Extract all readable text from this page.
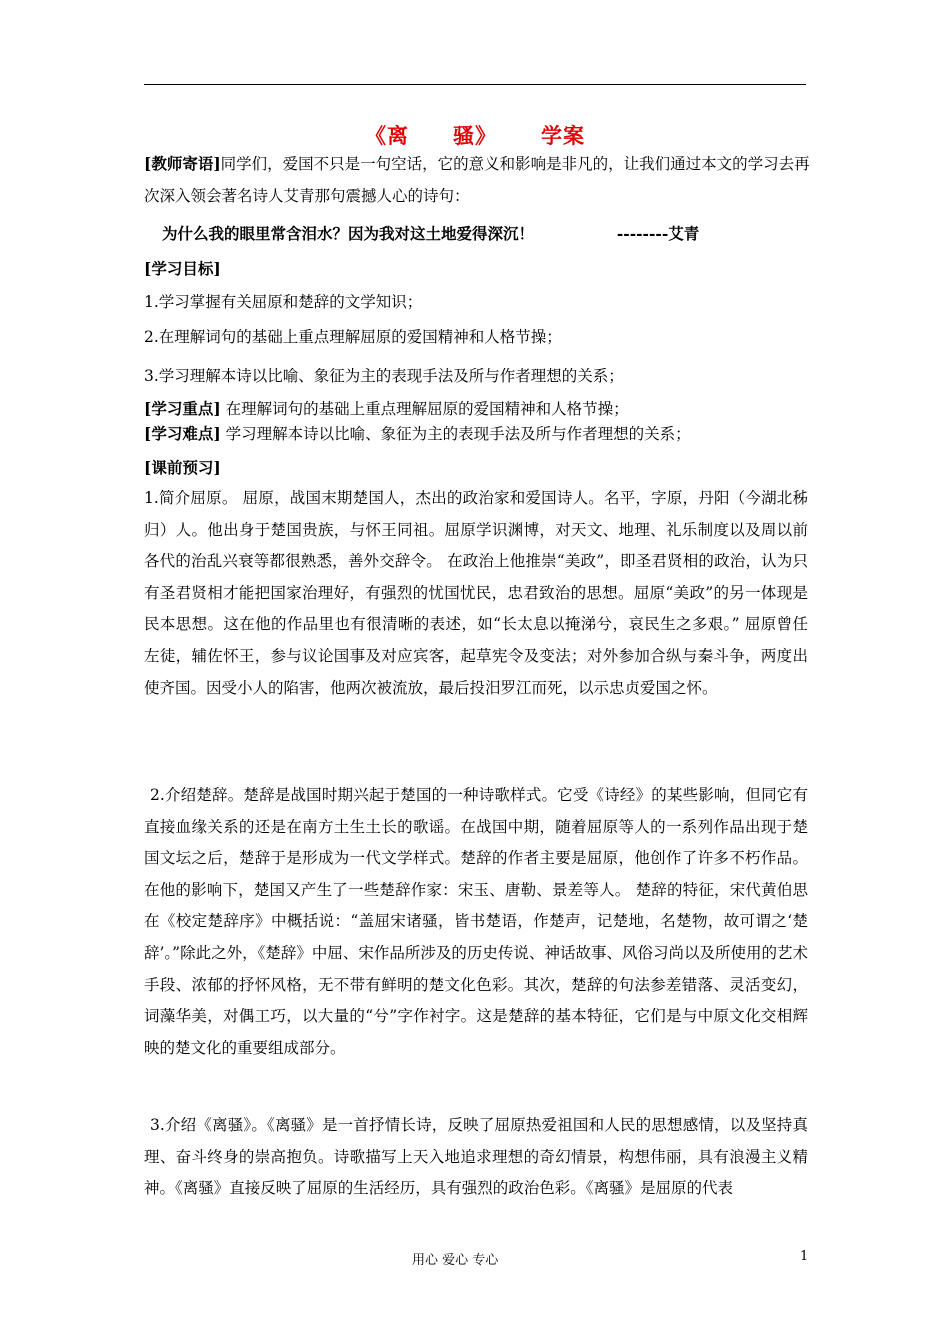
《离 骚》 学案
[教师寄语]同学们，爱国不只是一句空话，它的意义和影响是非凡的，让我们通过本文的学习去再次深入领会著名诗人艾青那句震撼人心的诗句：
为什么我的眼里常含泪水？因为我对这土地爱得深沉！	--------艾青
[学习目标]
1.学习掌握有关屈原和楚辞的文学知识；
2.在理解词句的基础上重点理解屈原的爱国精神和人格节操；
3.学习理解本诗以比喻、象征为主的表现手法及所与作者理想的关系；
[学习重点] 在理解词句的基础上重点理解屈原的爱国精神和人格节操；
[学习难点] 学习理解本诗以比喻、象征为主的表现手法及所与作者理想的关系；
[课前预习]
1.简介屈原。 屈原，战国末期楚国人，杰出的政治家和爱国诗人。名平，字原，丹阳（今湖北秭归）人。他出身于楚国贵族，与怀王同祖。屈原学识渊博，对天文、地理、礼乐制度以及周以前各代的治乱兴衰等都很熟悉，善外交辞令。 在政治上他推崇“美政”，即圣君贤相的政治，认为只有圣君贤相才能把国家治理好，有强烈的忧国忧民，忠君致治的思想。屈原“美政”的另一体现是民本思想。这在他的作品里也有很清晰的表述，如“长太息以掩涕兮，哀民生之多艰。” 屈原曾任左徒，辅佐怀王，参与议论国事及对应宾客，起草宪令及变法；对外参加合纵与秦斗争，两度出使齐国。因受小人的陷害，他两次被流放，最后投汨罗江而死，以示忠贞爱国之怀。
2.介绍楚辞。楚辞是战国时期兴起于楚国的一种诗歌样式。它受《诗经》的某些影响，但同它有直接血缘关系的还是在南方土生土长的歌谣。在战国中期，随着屈原等人的一系列作品出现于楚国文坛之后，楚辞于是形成为一代文学样式。楚辞的作者主要是屈原，他创作了许多不朽作品。在他的影响下，楚国又产生了一些楚辞作家：宋玉、唐勒、景差等人。 楚辞的特征，宋代黄伯思在《校定楚辞序》中概括说：“盖屈宋诸骚，皆书楚语，作楚声，记楚地，名楚物，故可谓之‘楚辞’。”除此之外，《楚辞》中屈、宋作品所涉及的历史传说、神话故事、风俗习尚以及所使用的艺术手段、浓郁的抒怀风格，无不带有鲜明的楚文化色彩。其次，楚辞的句法参差错落、灵活变幻，词藻华美，对偶工巧，以大量的“兮”字作衬字。这是楚辞的基本特征，它们是与中原文化交相辉映的楚文化的重要组成部分。
3.介绍《离骚》。《离骚》是一首抒情长诗，反映了屈原热爱祖国和人民的思想感情，以及坚持真理、奋斗终身的崇高抱负。诗歌描写上天入地追求理想的奇幻情景，构想伟丽，具有浪漫主义精神。《离骚》直接反映了屈原的生活经历，具有强烈的政治色彩。《离骚》是屈原的代表
用心 爱心 专心	1
